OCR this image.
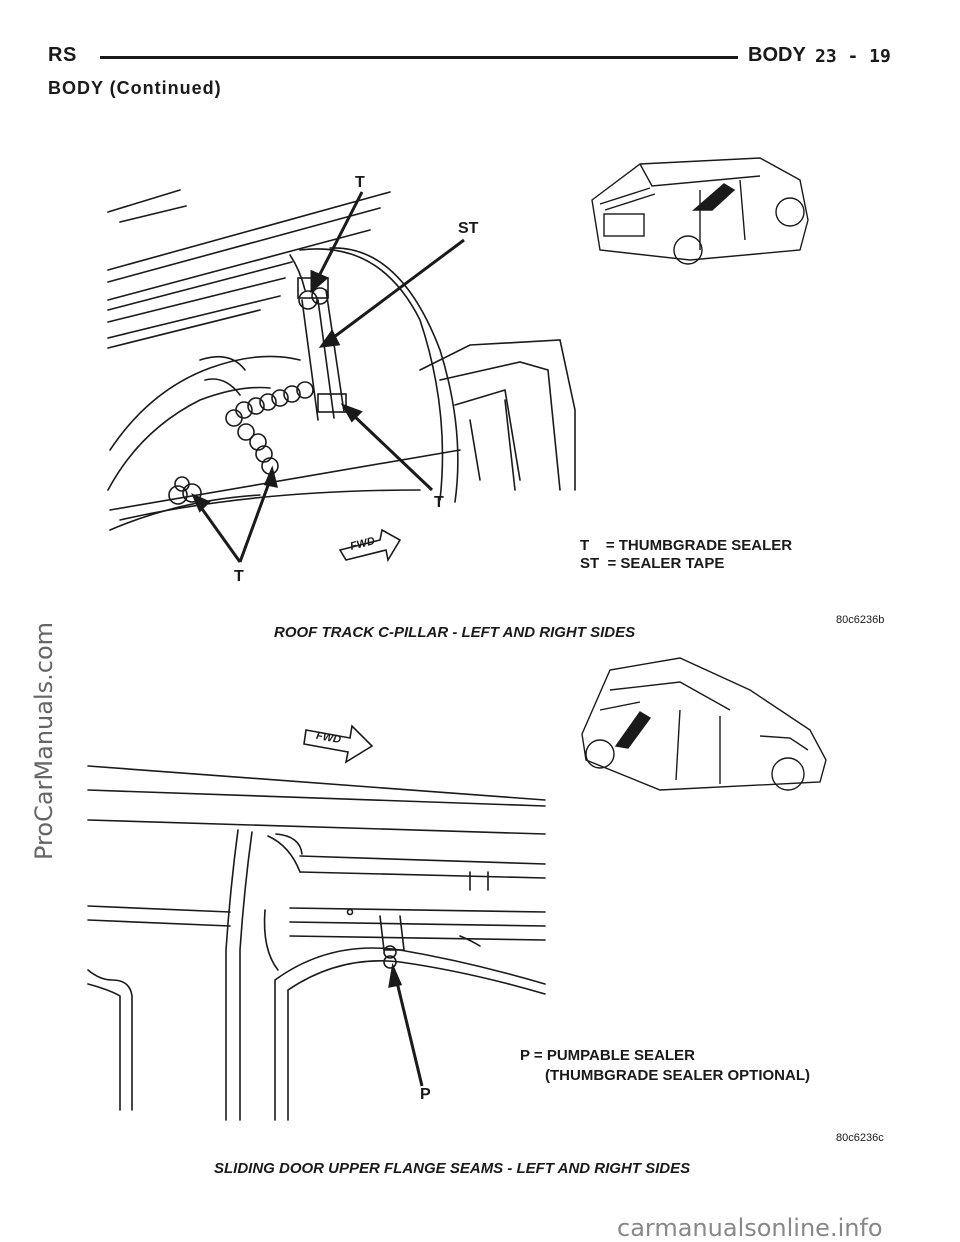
RS	BODY 23 - 19
BODY (Continued)
T
ST
T
T
FWD	T    = THUMBGRADE SEALER
ST  = SEALER TAPE
80c6236b
ROOF TRACK C-PILLAR - LEFT AND RIGHT SIDES
P
FWD
P = PUMPABLE SEALER
(THUMBGRADE SEALER OPTIONAL)
80c6236c
SLIDING DOOR UPPER FLANGE SEAMS - LEFT AND RIGHT SIDES
ProCarManuals.com
carmanualsonline.info
